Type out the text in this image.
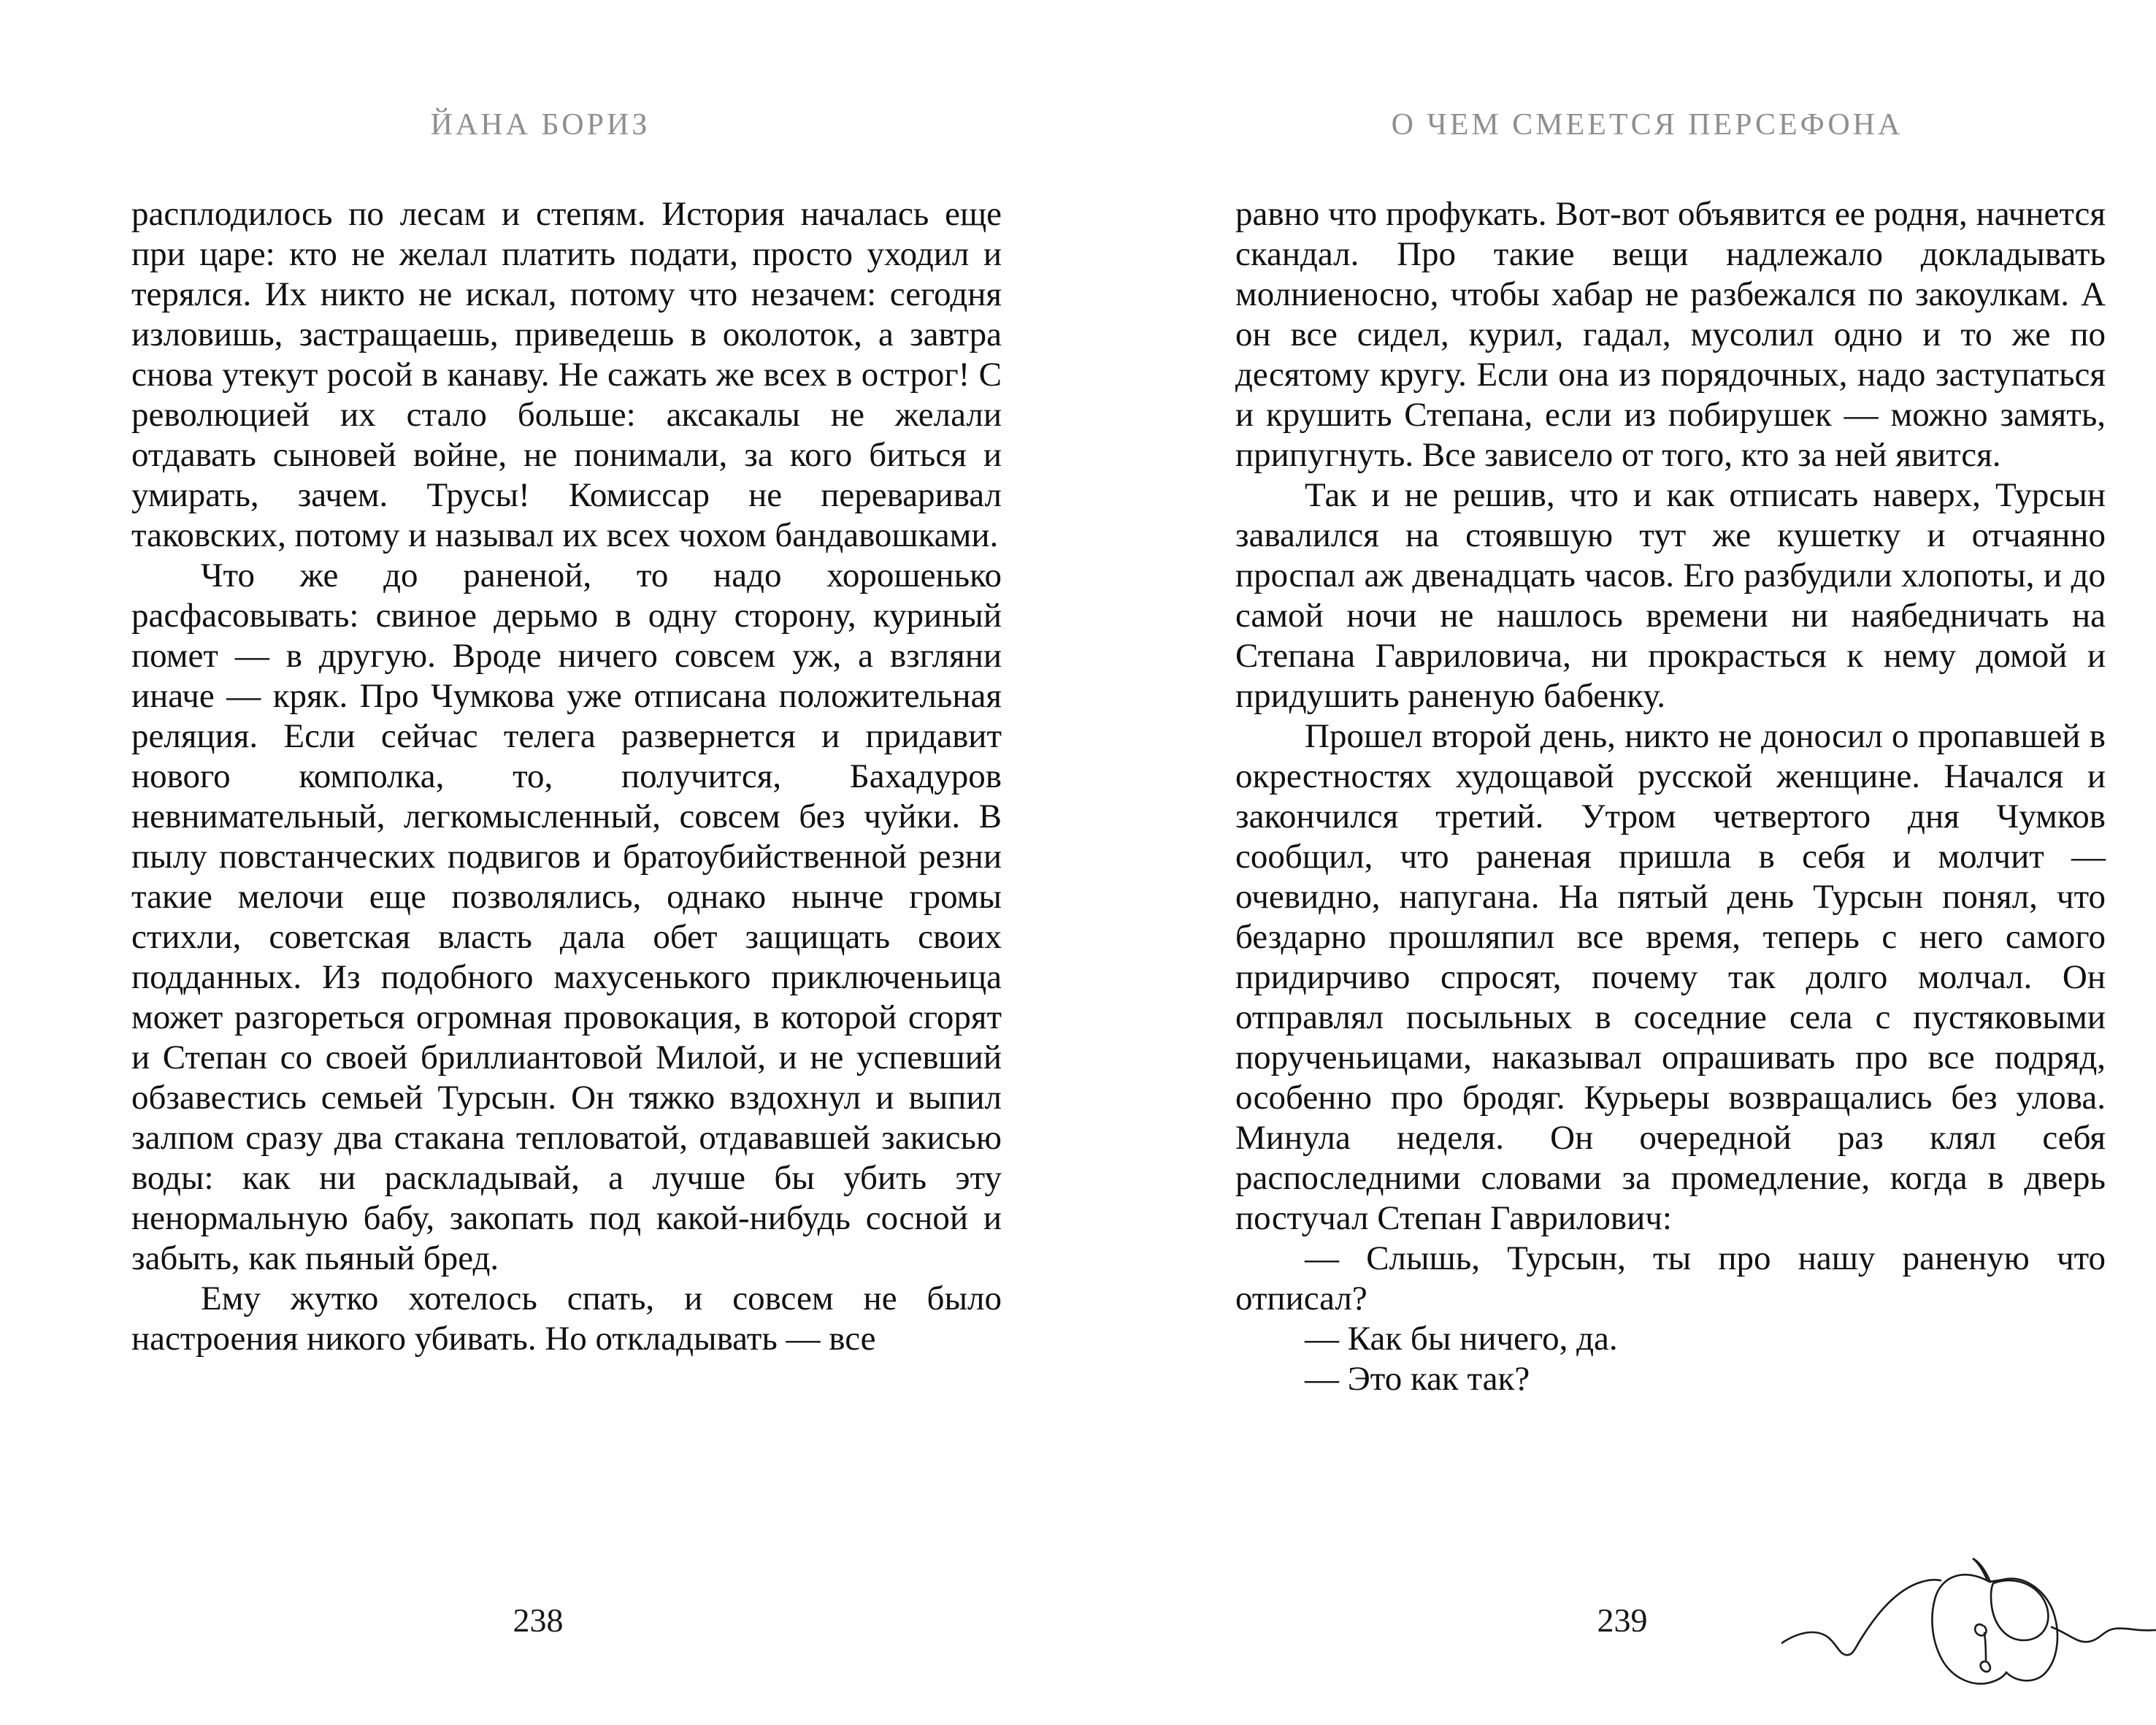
ЙАНА БОРИЗ	О ЧЕМ СМЕЕТСЯ ПЕРСЕФОНА

расплодилось по лесам и степям. История началась еще при царе: кто не желал платить подати, просто уходил и терялся. Их никто не искал, потому что незачем: сегодня изловишь, застращаешь, приведешь в околоток, а завтра снова утекут росой в канаву. Не сажать же всех в острог! С революцией их стало больше: аксакалы не желали отдавать сыновей войне, не понимали, за кого биться и умирать, зачем. Трусы! Комиссар не переваривал таковских, потому и называл их всех чохом бандавошками.

Что же до раненой, то надо хорошенько расфасовывать: свиное дерьмо в одну сторону, куриный помет — в другую. Вроде ничего совсем уж, а взгляни иначе — кряк. Про Чумкова уже отписана положительная реляция. Если сейчас телега развернется и придавит нового комполка, то, получится, Бахадуров невнимательный, легкомысленный, совсем без чуйки. В пылу повстанческих подвигов и братоубийственной резни такие мелочи еще позволялись, однако нынче громы стихли, советская власть дала обет защищать своих подданных. Из подобного махусенького приключеньица может разгореться огромная провокация, в которой сгорят и Степан со своей бриллиантовой Милой, и не успевший обзавестись семьей Турсын. Он тяжко вздохнул и выпил залпом сразу два стакана тепловатой, отдававшей закисью воды: как ни раскладывай, а лучше бы убить эту ненормальную бабу, закопать под какой-нибудь сосной и забыть, как пьяный бред.

Ему жутко хотелось спать, и совсем не было настроения никого убивать. Но откладывать — все

равно что профукать. Вот-вот объявится ее родня, начнется скандал. Про такие вещи надлежало докладывать молниеносно, чтобы хабар не разбежался по закоулкам. А он все сидел, курил, гадал, мусолил одно и то же по десятому кругу. Если она из порядочных, надо заступаться и крушить Степана, если из побирушек — можно замять, припугнуть. Все зависело от того, кто за ней явится.

Так и не решив, что и как отписать наверх, Турсын завалился на стоявшую тут же кушетку и отчаянно проспал аж двенадцать часов. Его разбудили хлопоты, и до самой ночи не нашлось времени ни наябедничать на Степана Гавриловича, ни прокрасться к нему домой и придушить раненую бабенку.

Прошел второй день, никто не доносил о пропавшей в окрестностях худощавой русской женщине. Начался и закончился третий. Утром четвертого дня Чумков сообщил, что раненая пришла в себя и молчит — очевидно, напугана. На пятый день Турсын понял, что бездарно прошляпил все время, теперь с него самого придирчиво спросят, почему так долго молчал. Он отправлял посыльных в соседние села с пустяковыми порученьицами, наказывал опрашивать про все подряд, особенно про бродяг. Курьеры возвращались без улова. Минула неделя. Он очередной раз клял себя распоследними словами за промедление, когда в дверь постучал Степан Гаврилович:

— Слышь, Турсын, ты про нашу раненую что отписал?

— Как бы ничего, да.

— Это как так?

238	239
